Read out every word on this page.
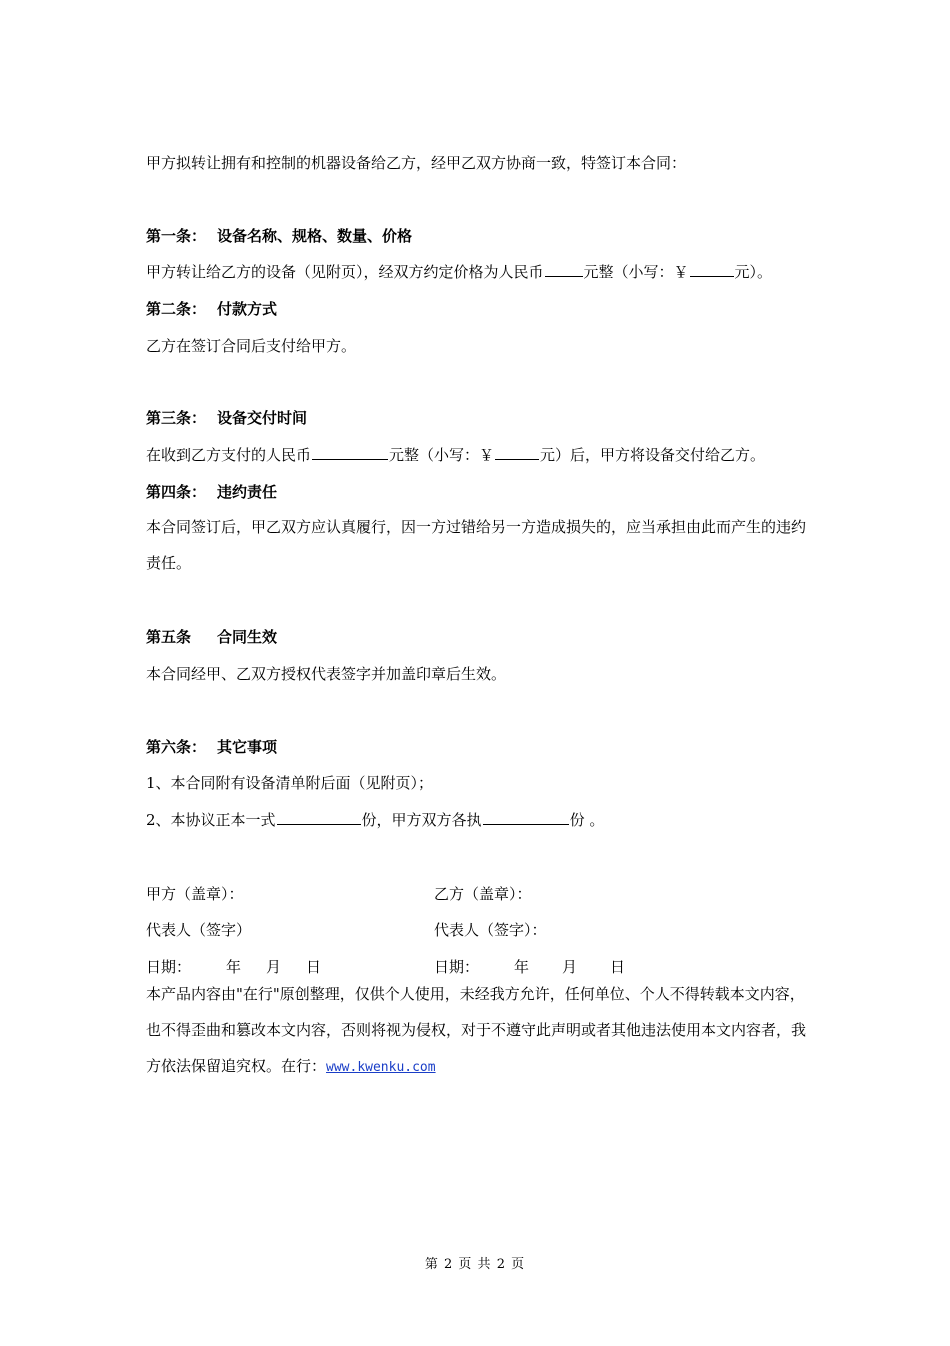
甲方拟转让拥有和控制的机器设备给乙方，经甲乙双方协商一致，特签订本合同：
第一条： 设备名称、规格、数量、价格
甲方转让给乙方的设备（见附页），经双方约定价格为人民币	元整（小写：￥	元）。
第二条： 付款方式
乙方在签订合同后支付给甲方。
第三条： 设备交付时间
在收到乙方支付的人民币	元整（小写：￥	元）后，甲方将设备交付给乙方。
第四条： 违约责任
本合同签订后，甲乙双方应认真履行，因一方过错给另一方造成损失的，应当承担由此而产生的违约责任。
第五条 合同生效
本合同经甲、乙双方授权代表签字并加盖印章后生效。
第六条： 其它事项
1、本合同附有设备清单附后面（见附页）；
2、本协议正本一式	份，甲方双方各执	份 。
甲方（盖章）：	乙方（盖章）：
代表人（签字）	代表人（签字）：
日期： 年 月 日	日期： 年 月 日
本产品内容由"在行"原创整理，仅供个人使用，未经我方允许，任何单位、个人不得转载本文内容，也不得歪曲和篡改本文内容，否则将视为侵权，对于不遵守此声明或者其他违法使用本文内容者，我方依法保留追究权。在行：www.kwenku.com
第 2 页 共 2 页
